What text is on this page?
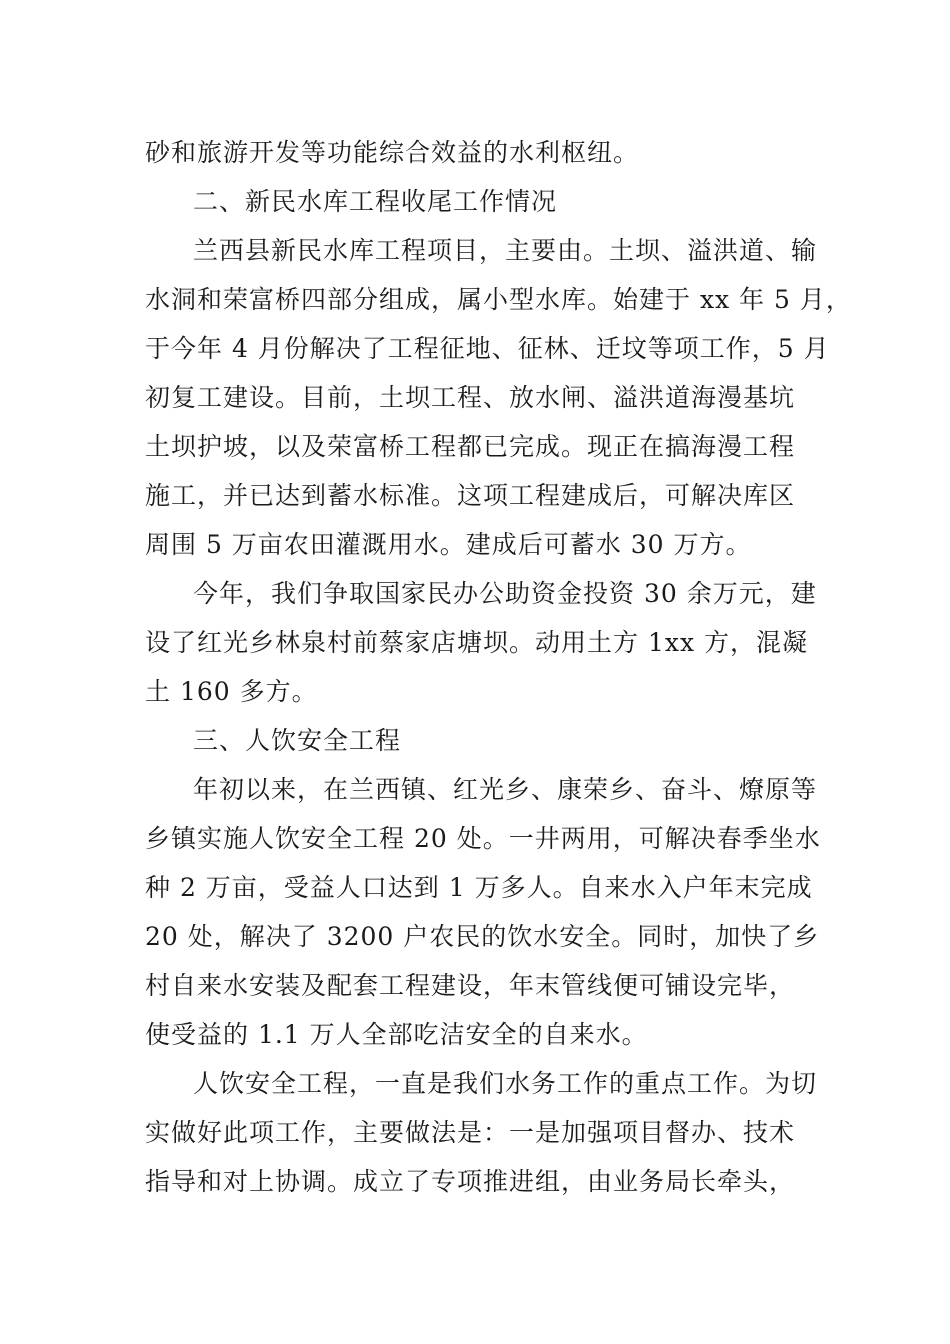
砂和旅游开发等功能综合效益的水利枢纽。
二、新民水库工程收尾工作情况
兰西县新民水库工程项目，主要由。土坝、溢洪道、输
水洞和荣富桥四部分组成，属小型水库。始建于 xx 年 5 月，
于今年 4 月份解决了工程征地、征林、迁坟等项工作，5 月
初复工建设。目前，土坝工程、放水闸、溢洪道海漫基坑
土坝护坡，以及荣富桥工程都已完成。现正在搞海漫工程
施工，并已达到蓄水标准。这项工程建成后，可解决库区
周围 5 万亩农田灌溉用水。建成后可蓄水 30 万方。
今年，我们争取国家民办公助资金投资 30 余万元，建
设了红光乡林泉村前蔡家店塘坝。动用土方 1xx 方，混凝
土 160 多方。
三、人饮安全工程
年初以来，在兰西镇、红光乡、康荣乡、奋斗、燎原等
乡镇实施人饮安全工程 20 处。一井两用，可解决春季坐水
种 2 万亩，受益人口达到 1 万多人。自来水入户年末完成
20 处，解决了 3200 户农民的饮水安全。同时，加快了乡
村自来水安装及配套工程建设，年末管线便可铺设完毕，
使受益的 1.1 万人全部吃洁安全的自来水。
人饮安全工程，一直是我们水务工作的重点工作。为切
实做好此项工作，主要做法是：一是加强项目督办、技术
指导和对上协调。成立了专项推进组，由业务局长牵头，
